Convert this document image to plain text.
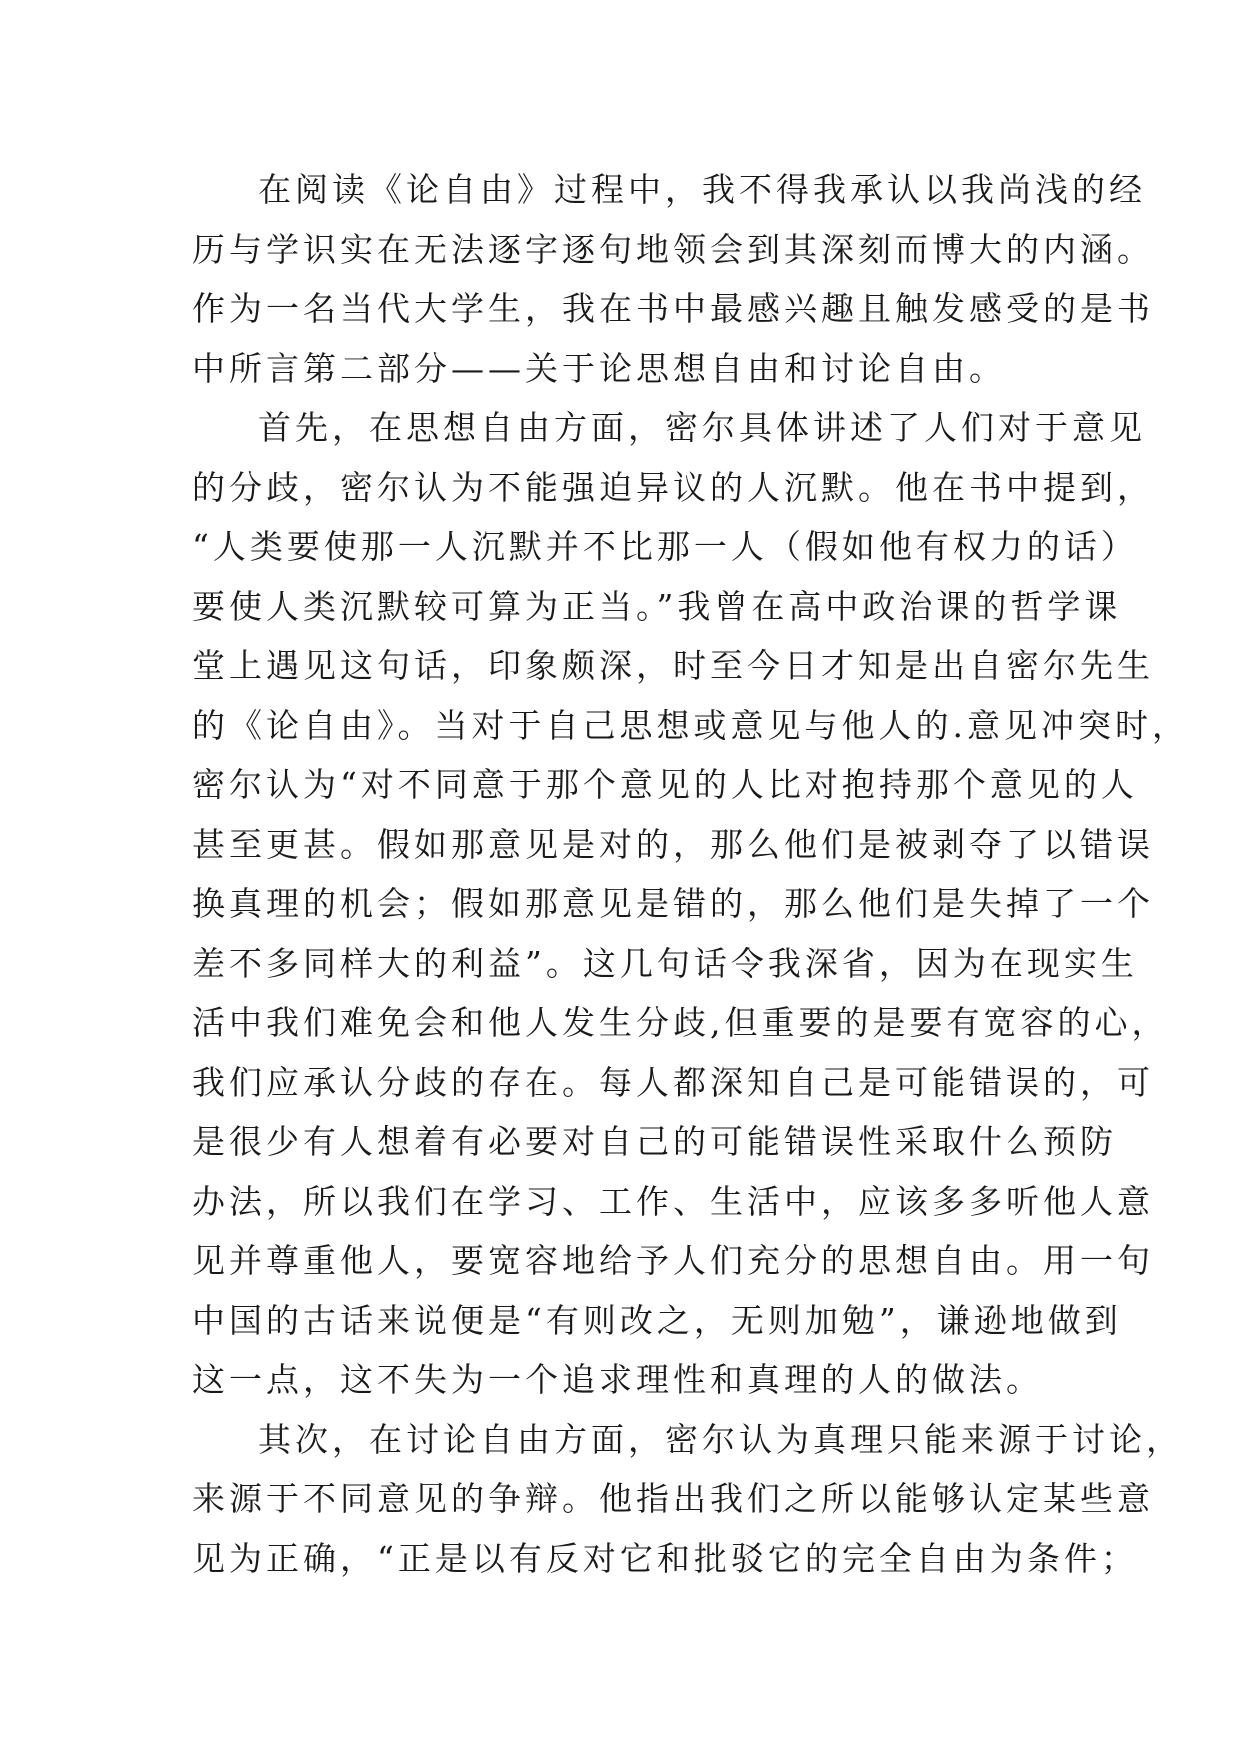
在阅读《论自由》过程中，我不得我承认以我尚浅的经
历与学识实在无法逐字逐句地领会到其深刻而博大的内涵。
作为一名当代大学生，我在书中最感兴趣且触发感受的是书
中所言第二部分——关于论思想自由和讨论自由。
首先，在思想自由方面，密尔具体讲述了人们对于意见
的分歧，密尔认为不能强迫异议的人沉默。他在书中提到，
“人类要使那一人沉默并不比那一人（假如他有权力的话）
要使人类沉默较可算为正当。”我曾在高中政治课的哲学课
堂上遇见这句话，印象颇深，时至今日才知是出自密尔先生
的《论自由》。当对于自己思想或意见与他人的.意见冲突时，
密尔认为“对不同意于那个意见的人比对抱持那个意见的人
甚至更甚。假如那意见是对的，那么他们是被剥夺了以错误
换真理的机会；假如那意见是错的，那么他们是失掉了一个
差不多同样大的利益”。这几句话令我深省，因为在现实生
活中我们难免会和他人发生分歧,但重要的是要有宽容的心，
我们应承认分歧的存在。每人都深知自己是可能错误的，可
是很少有人想着有必要对自己的可能错误性采取什么预防
办法，所以我们在学习、工作、生活中，应该多多听他人意
见并尊重他人，要宽容地给予人们充分的思想自由。用一句
中国的古话来说便是“有则改之，无则加勉”，谦逊地做到
这一点，这不失为一个追求理性和真理的人的做法。
其次，在讨论自由方面，密尔认为真理只能来源于讨论，
来源于不同意见的争辩。他指出我们之所以能够认定某些意
见为正确，“正是以有反对它和批驳它的完全自由为条件；
